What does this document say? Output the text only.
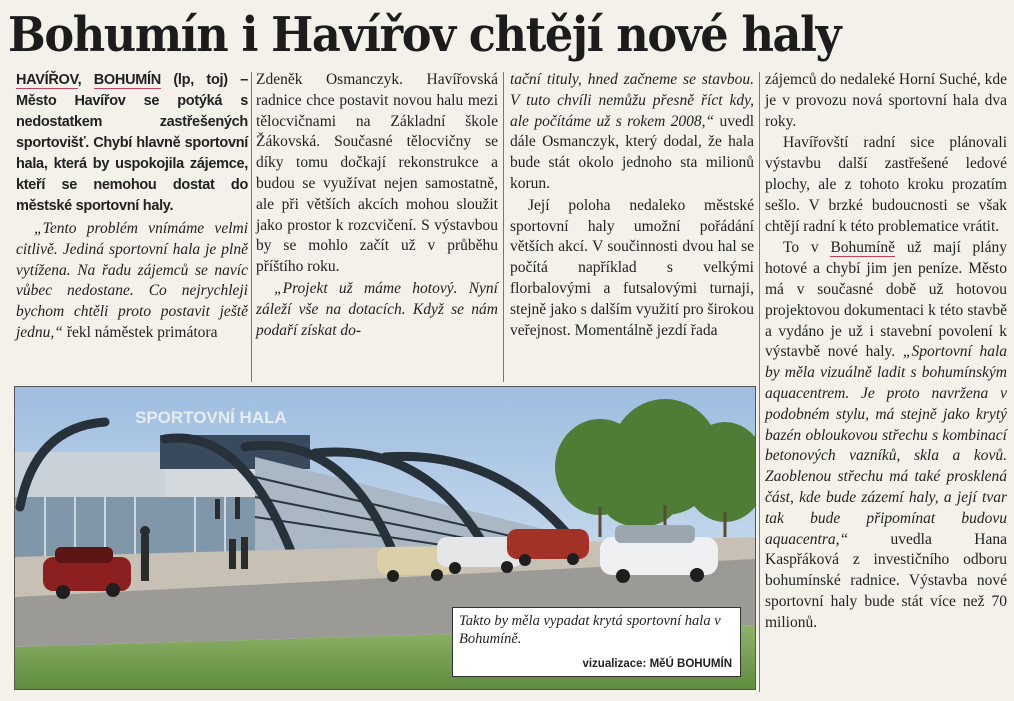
Bohumín i Havířov chtějí nové haly

HAVÍŘOV, BOHUMÍN (lp, toj) – Město Havířov se potýká s nedostatkem zastřešených sportovišť. Chybí hlavně sportovní hala, která by uspokojila zájemce, kteří se nemohou dostat do městské sportovní haly.

„Tento problém vnímáme velmi citlivě. Jediná sportovní hala je plně vytížena. Na řadu zájemců se navíc vůbec nedostane. Co nejrychleji bychom chtěli proto postavit ještě jednu,“ řekl náměstek primátora

Zdeněk Osmanczyk. Havířovská radnice chce postavit novou halu mezi tělocvičnami na Základní škole Žákovská. Současné tělocvičny se díky tomu dočkají rekonstrukce a budou se využívat nejen samostatně, ale při větších akcích mohou sloužit jako prostor k rozcvičení. S výstavbou by se mohlo začít už v průběhu příštího roku.

„Projekt už máme hotový. Nyní záleží vše na dotacích. Když se nám podaří získat do-

tační tituly, hned začneme se stavbou. V tuto chvíli nemůžu přesně říct kdy, ale počítáme už s rokem 2008,“ uvedl dále Osmanczyk, který dodal, že hala bude stát okolo jednoho sta milionů korun.

Její poloha nedaleko městské sportovní haly umožní pořádání větších akcí. V součinnosti dvou hal se počítá například s velkými florbalovými a futsalovými turnaji, stejně jako s dalším využití pro širokou veřejnost. Momentálně jezdí řada

zájemců do nedaleké Horní Suché, kde je v provozu nová sportovní hala dva roky.

Havířovští radní sice plánovali výstavbu další zastřešené ledové plochy, ale z tohoto kroku prozatím sešlo. V brzké budoucnosti se však chtějí radní k této problematice vrátit.

To v Bohumíně už mají plány hotové a chybí jim jen peníze. Město má v současné době už hotovou projektovou dokumentaci k této stavbě a vydáno je už i stavební povolení k výstavbě nové haly. „Sportovní hala by měla vizuálně ladit s bohumínským aquacentrem. Je proto navržena v podobném stylu, má stejně jako krytý bazén obloukovou střechu s kombinací betonových vazníků, skla a kovů. Zaoblenou střechu má také prosklená část, kde bude zázemí haly, a její tvar tak bude připomínat budovu aquacentra,“ uvedla Hana Kaspřáková z investičního odboru bohumínské radnice. Výstavba nové sportovní haly bude stát více než 70 milionů.

SPORTOVNÍ HALA
Takto by měla vypadat krytá sportovní hala v Bohumíně.
vizualizace: MěÚ BOHUMÍN
